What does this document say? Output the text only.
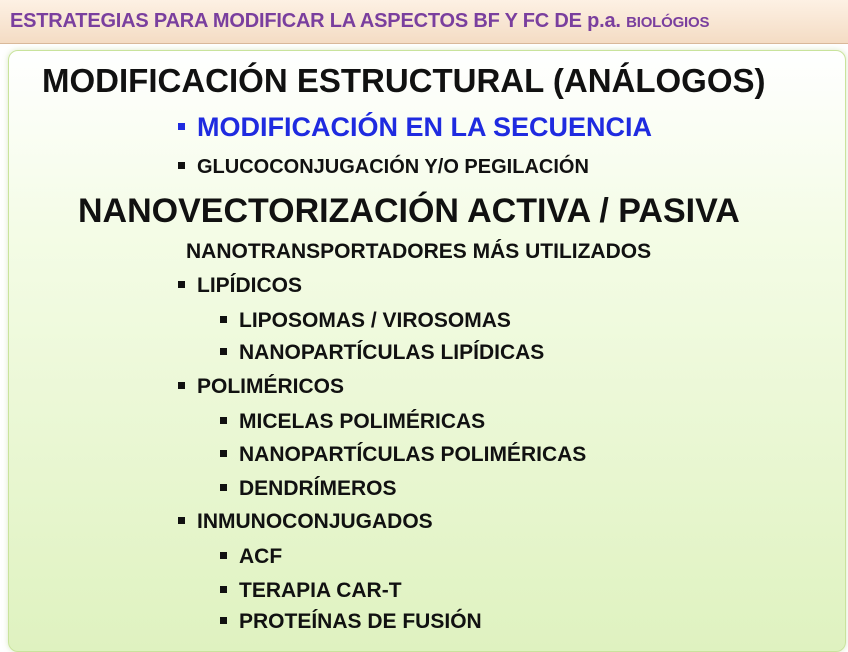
ESTRATEGIAS PARA MODIFICAR LA ASPECTOS BF Y FC DE p.a. BIOLÓGIOS
MODIFICACIÓN ESTRUCTURAL (ANÁLOGOS)
MODIFICACIÓN EN LA SECUENCIA
GLUCOCONJUGACIÓN Y/O PEGILACIÓN
NANOVECTORIZACIÓN ACTIVA / PASIVA
NANOTRANSPORTADORES MÁS UTILIZADOS
LIPÍDICOS
LIPOSOMAS / VIROSOMAS
NANOPARTÍCULAS LIPÍDICAS
POLIMÉRICOS
MICELAS POLIMÉRICAS
NANOPARTÍCULAS POLIMÉRICAS
DENDRÍMEROS
INMUNOCONJUGADOS
ACF
TERAPIA CAR-T
PROTEÍNAS DE FUSIÓN
